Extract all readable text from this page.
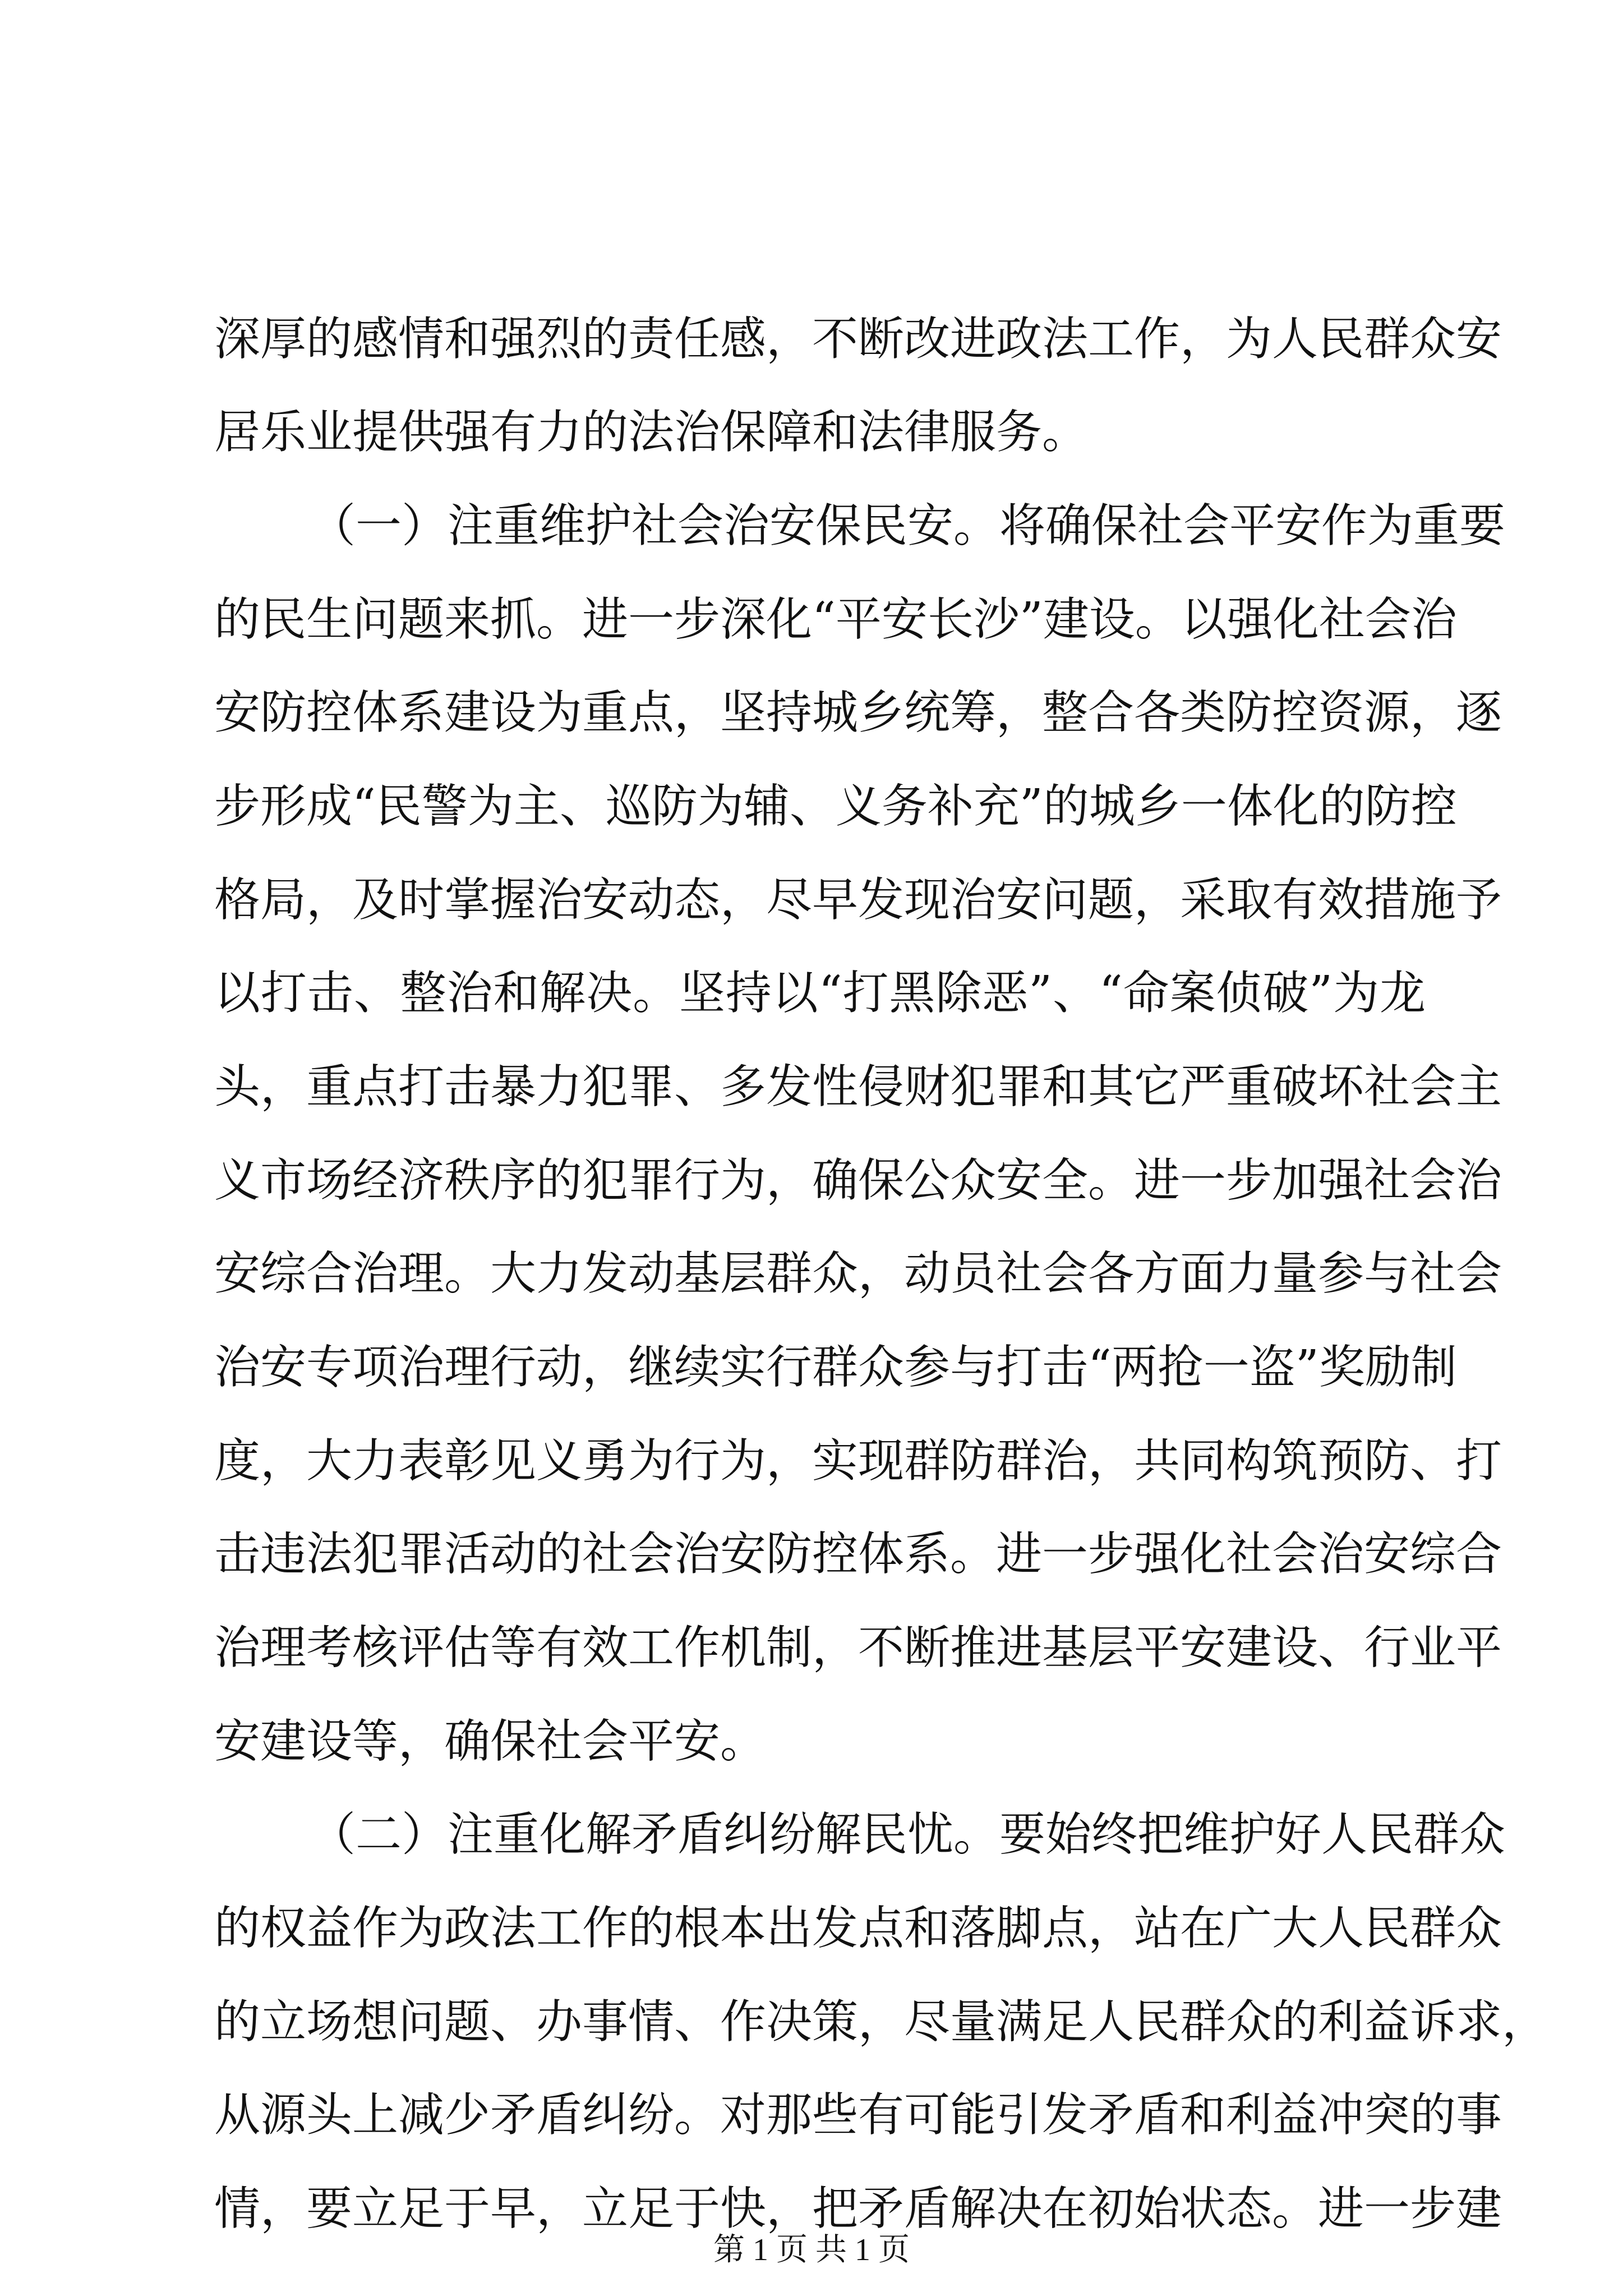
深厚的感情和强烈的责任感，不断改进政法工作，为人民群众安
居乐业提供强有力的法治保障和法律服务。
（一）注重维护社会治安保民安。将确保社会平安作为重要
的民生问题来抓。进一步深化“平安长沙”建设。以强化社会治
安防控体系建设为重点，坚持城乡统筹，整合各类防控资源，逐
步形成“民警为主、巡防为辅、义务补充”的城乡一体化的防控
格局，及时掌握治安动态，尽早发现治安问题，采取有效措施予
以打击、整治和解决。坚持以“打黑除恶”、“命案侦破”为龙
头，重点打击暴力犯罪、多发性侵财犯罪和其它严重破坏社会主
义市场经济秩序的犯罪行为，确保公众安全。进一步加强社会治
安综合治理。大力发动基层群众，动员社会各方面力量参与社会
治安专项治理行动，继续实行群众参与打击“两抢一盗”奖励制
度，大力表彰见义勇为行为，实现群防群治，共同构筑预防、打
击违法犯罪活动的社会治安防控体系。进一步强化社会治安综合
治理考核评估等有效工作机制，不断推进基层平安建设、行业平
安建设等，确保社会平安。
（二）注重化解矛盾纠纷解民忧。要始终把维护好人民群众
的权益作为政法工作的根本出发点和落脚点，站在广大人民群众
的立场想问题、办事情、作决策，尽量满足人民群众的利益诉求，
从源头上减少矛盾纠纷。对那些有可能引发矛盾和利益冲突的事
情，要立足于早，立足于快，把矛盾解决在初始状态。进一步建
第 1 页 共 1 页
